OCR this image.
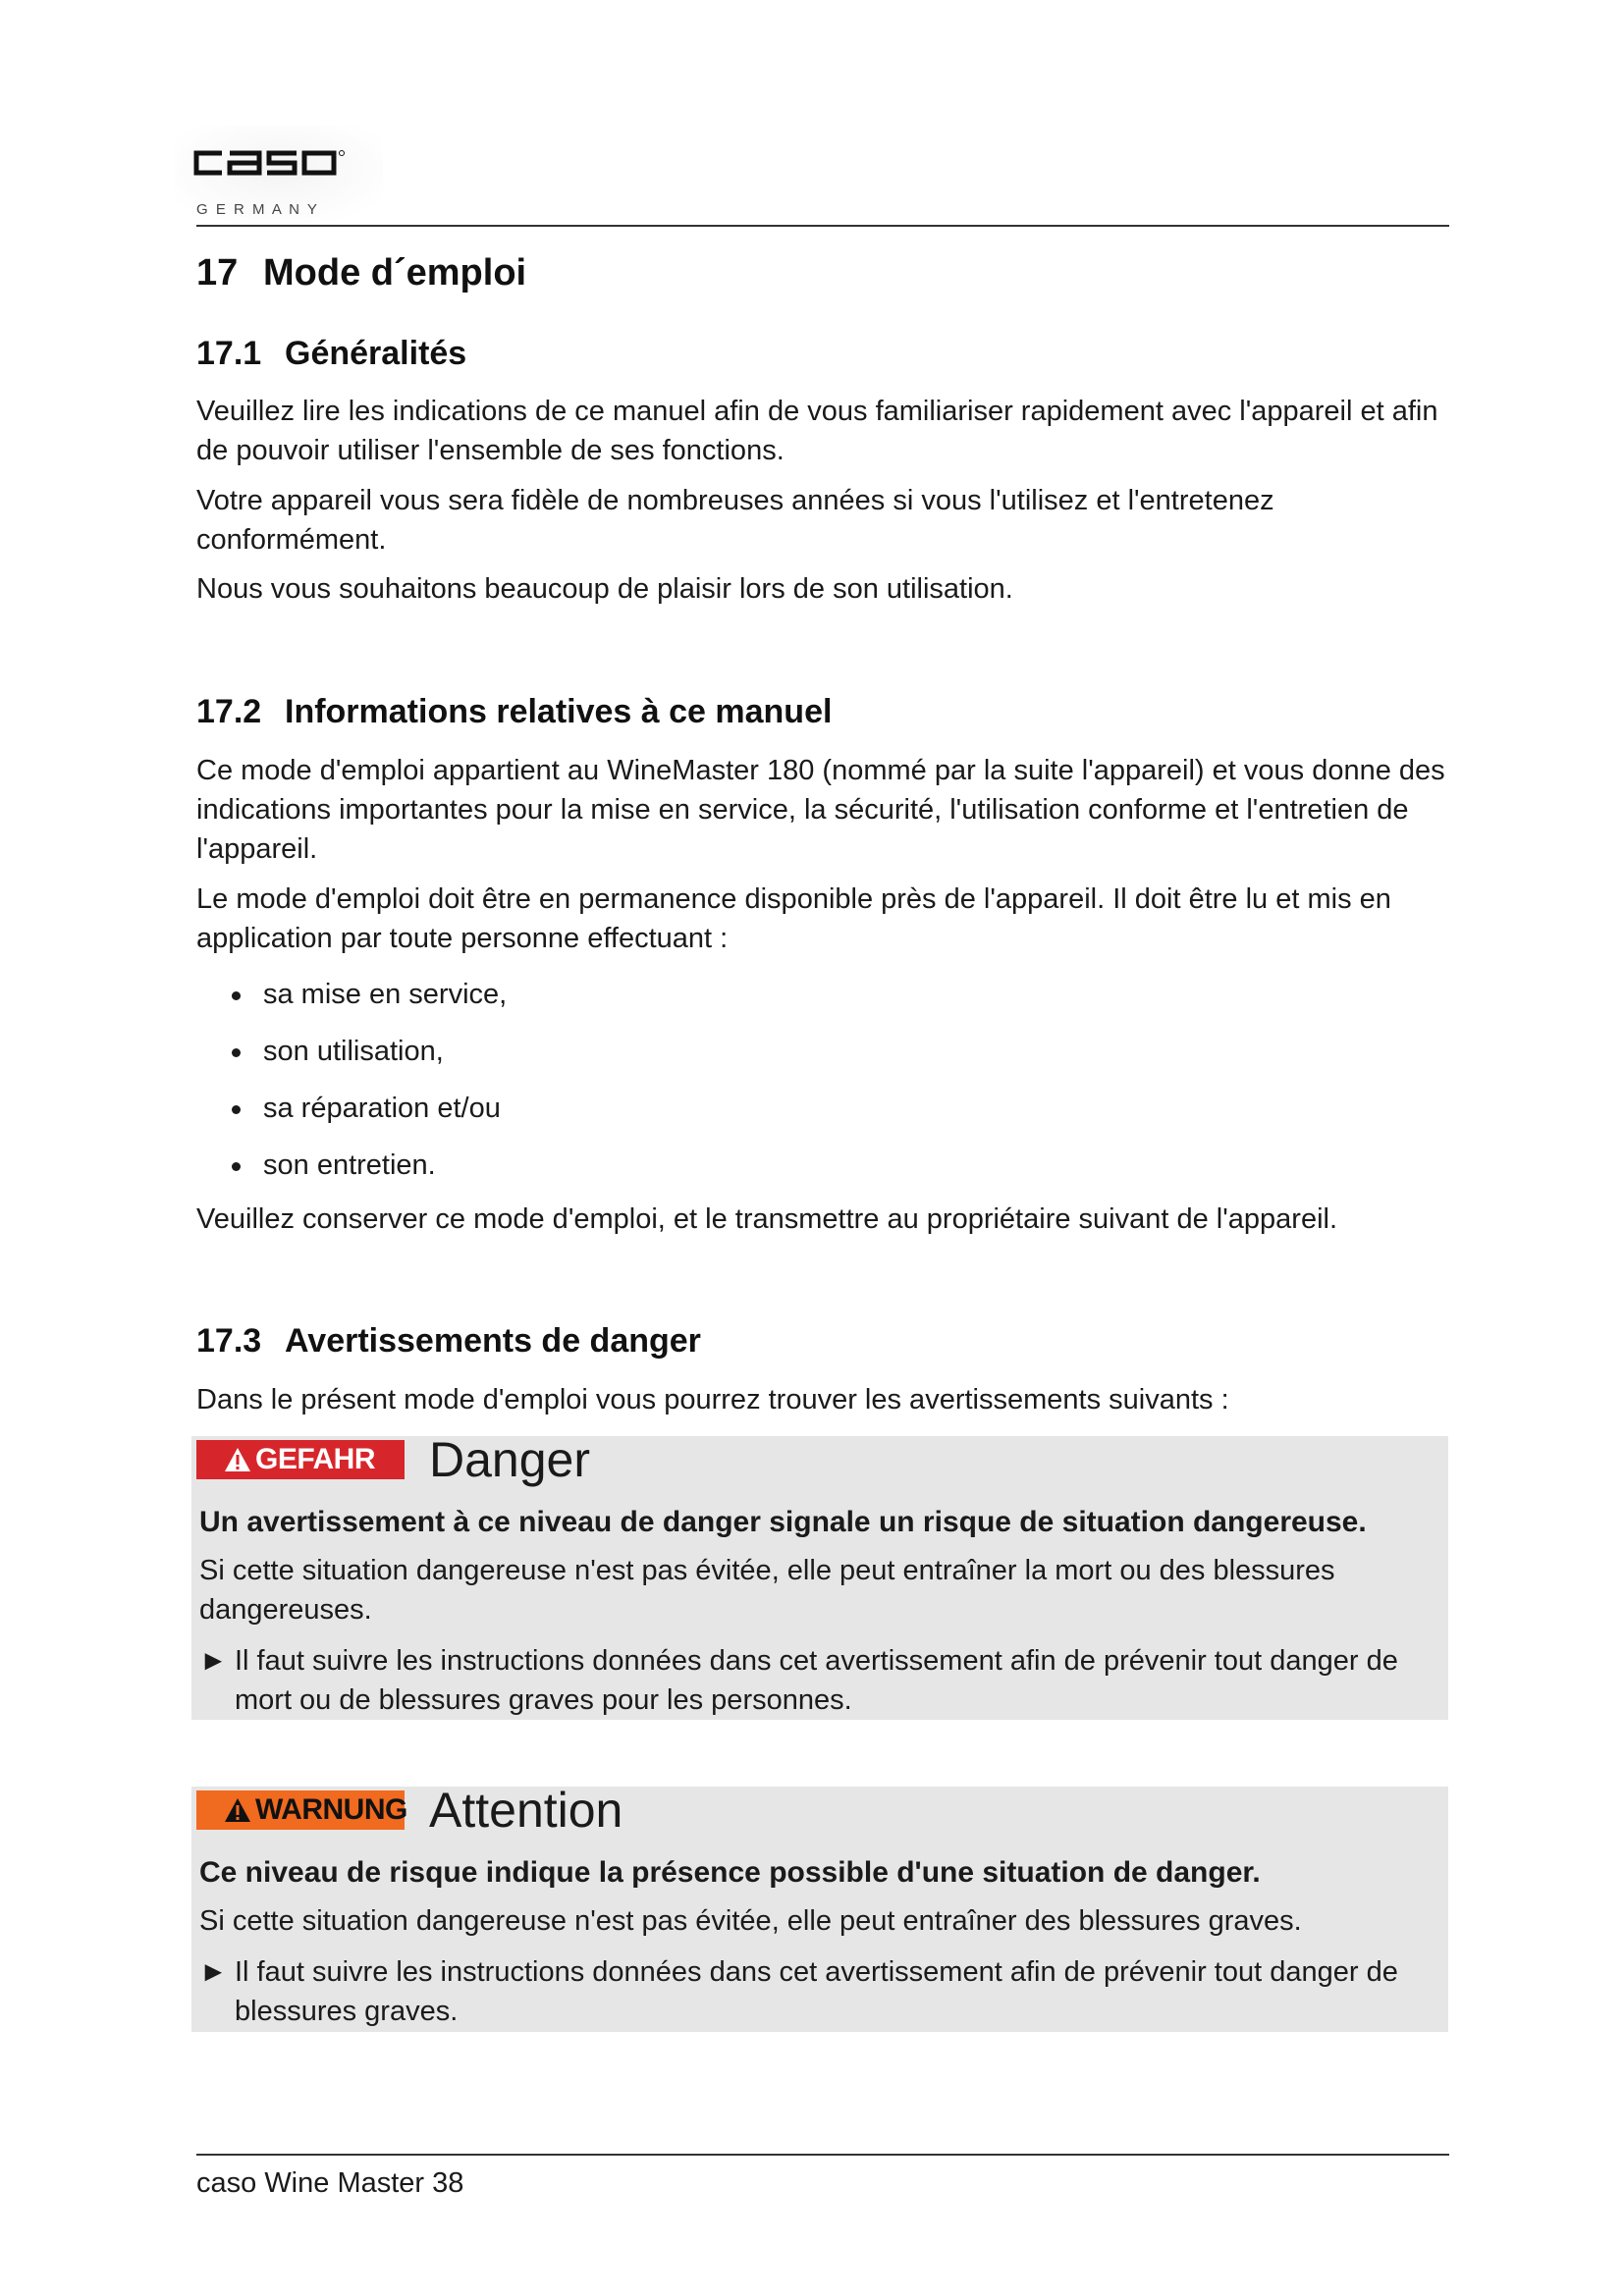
G E R M A N Y
17 Mode d´emploi
17.1 Généralités

Veuillez lire les indications de ce manuel afin de vous familiariser rapidement avec l'appareil et afin de pouvoir utiliser l'ensemble de ses fonctions.

Votre appareil vous sera fidèle de nombreuses années si vous l'utilisez et l'entretenez conformément.

Nous vous souhaitons beaucoup de plaisir lors de son utilisation.

17.2 Informations relatives à ce manuel

Ce mode d'emploi appartient au WineMaster 180 (nommé par la suite l'appareil) et vous donne des indications importantes pour la mise en service, la sécurité, l'utilisation conforme et l'entretien de l'appareil.

Le mode d'emploi doit être en permanence disponible près de l'appareil. Il doit être lu et mis en application par toute personne effectuant :

sa mise en service,
son utilisation,
sa réparation et/ou
son entretien.

Veuillez conserver ce mode d'emploi, et le transmettre au propriétaire suivant de l'appareil.

17.3 Avertissements de danger

Dans le présent mode d'emploi vous pourrez trouver les avertissements suivants :

GEFAHR Danger

Un avertissement à ce niveau de danger signale un risque de situation dangereuse.

Si cette situation dangereuse n'est pas évitée, elle peut entraîner la mort ou des blessures dangereuses.

► Il faut suivre les instructions données dans cet avertissement afin de prévenir tout danger de mort ou de blessures graves pour les personnes.
WARNUNG Attention

Ce niveau de risque indique la présence possible d'une situation de danger.

Si cette situation dangereuse n'est pas évitée, elle peut entraîner des blessures graves.

► Il faut suivre les instructions données dans cet avertissement afin de prévenir tout danger de blessures graves.
caso Wine Master 38
